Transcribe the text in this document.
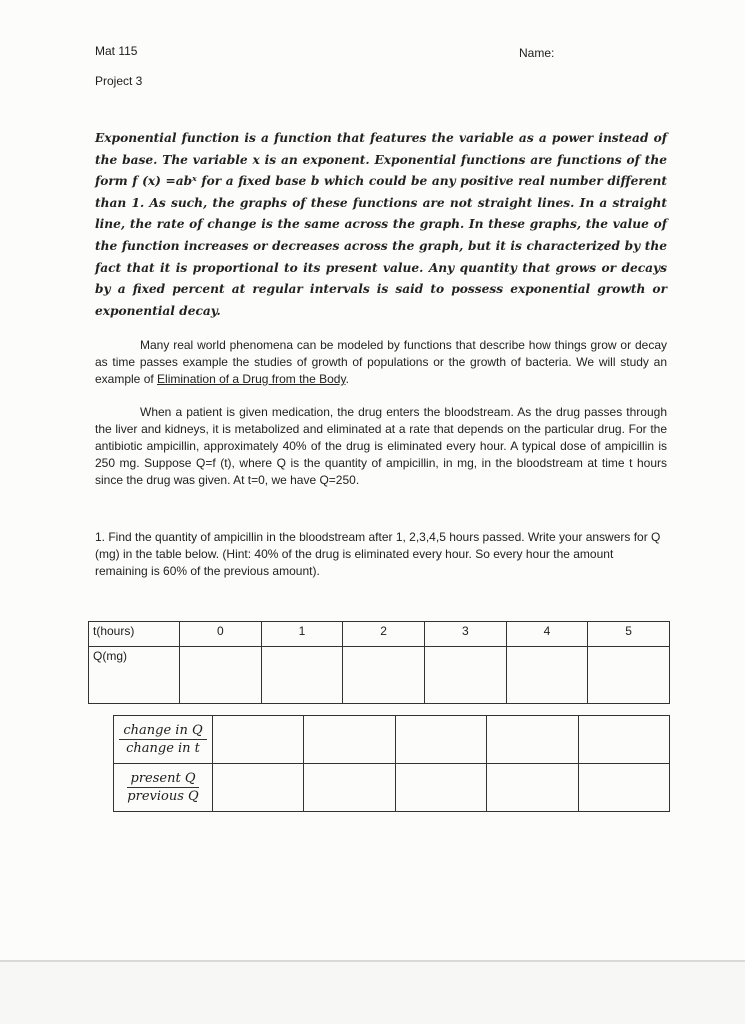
Mat 115
Project 3
Name:
Exponential function is a function that features the variable as a power instead of the base. The variable x is an exponent. Exponential functions are functions of the form f (x) =abˣ for a fixed base b which could be any positive real number different than 1. As such, the graphs of these functions are not straight lines. In a straight line, the rate of change is the same across the graph. In these graphs, the value of the function increases or decreases across the graph, but it is characterized by the fact that it is proportional to its present value. Any quantity that grows or decays by a fixed percent at regular intervals is said to possess exponential growth or exponential decay.
Many real world phenomena can be modeled by functions that describe how things grow or decay as time passes example the studies of growth of populations or the growth of bacteria. We will study an example of Elimination of a Drug from the Body.
When a patient is given medication, the drug enters the bloodstream. As the drug passes through the liver and kidneys, it is metabolized and eliminated at a rate that depends on the particular drug. For the antibiotic ampicillin, approximately 40% of the drug is eliminated every hour. A typical dose of ampicillin is 250 mg. Suppose Q=f (t), where Q is the quantity of ampicillin, in mg, in the bloodstream at time t hours since the drug was given. At t=0, we have Q=250.
1. Find the quantity of ampicillin in the bloodstream after 1, 2,3,4,5 hours passed. Write your answers for Q (mg) in the table below. (Hint: 40% of the drug is eliminated every hour. So every hour the amount remaining is 60% of the previous amount).
t(hours)	0	1	2	3	4	5
Q(mg)						
change in Q
change in t					

present Q
previous Q					
